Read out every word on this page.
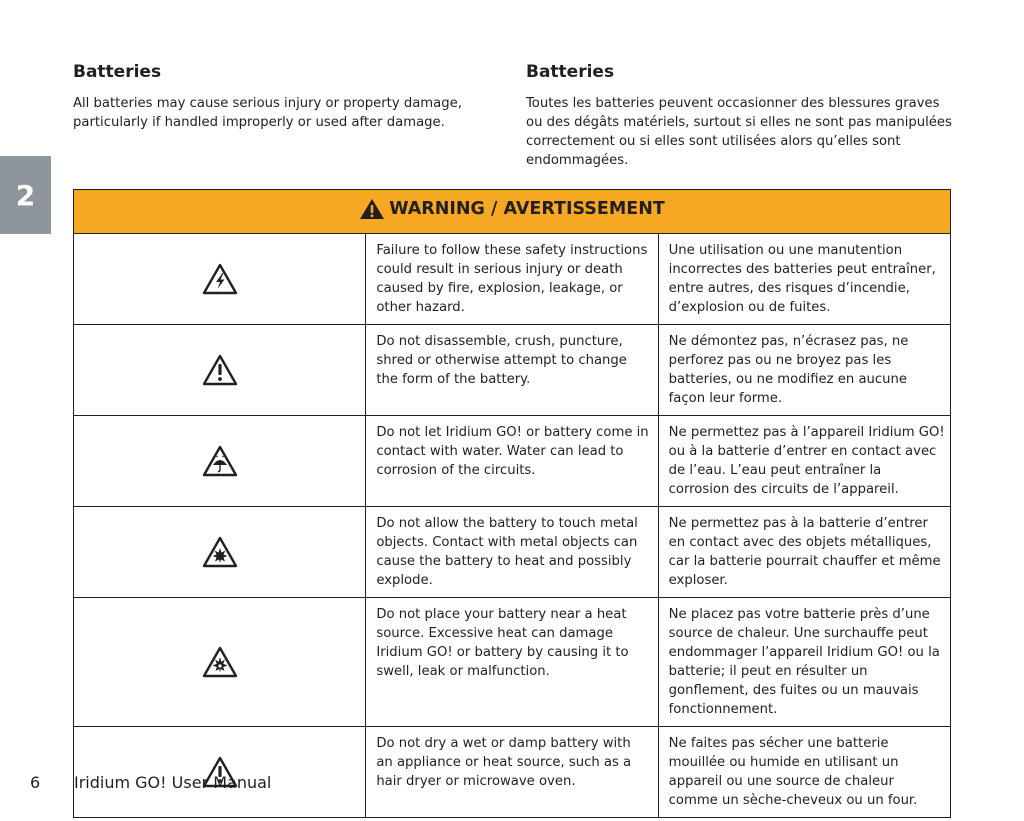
2
Batteries

All batteries may cause serious injury or property damage, particularly if handled improperly or used after damage.

Batteries

Toutes les batteries peuvent occasionner des blessures graves ou des dégâts matériels, surtout si elles ne sont pas manipulées correctement ou si elles sont utilisées alors qu’elles sont endommagées.

WARNING / AVERTISSEMENT		

	Failure to follow these safety instructions could result in serious injury or death caused by fire, explosion, leakage, or other hazard.	Une utilisation ou une manutention incorrectes des batteries peut entraîner, entre autres, des risques d’incendie, d’explosion ou de fuites.
	Do not disassemble, crush, puncture, shred or otherwise attempt to change the form of the battery.	Ne démontez pas, n’écrasez pas, ne perforez pas ou ne broyez pas les batteries, ou ne modifiez en aucune façon leur forme.
	Do not let Iridium GO! or battery come in contact with water. Water can lead to corrosion of the circuits.	Ne permettez pas à l’appareil Iridium GO! ou à la batterie d’entrer en contact avec de l’eau. L’eau peut entraîner la corrosion des circuits de l’appareil.
	Do not allow the battery to touch metal objects. Contact with metal objects can cause the battery to heat and possibly explode.	Ne permettez pas à la batterie d’entrer en contact avec des objets métalliques, car la batterie pourrait chauffer et même exploser.
	Do not place your battery near a heat source. Excessive heat can damage Iridium GO! or battery by causing it to swell, leak or malfunction.	Ne placez pas votre batterie près d’une source de chaleur. Une surchauffe peut endommager l’appareil Iridium GO! ou la batterie; il peut en résulter un gonflement, des fuites ou un mauvais fonctionnement.
	Do not dry a wet or damp battery with an appliance or heat source, such as a hair dryer or microwave oven.	Ne faites pas sécher une batterie mouillée ou humide en utilisant un appareil ou une source de chaleur comme un sèche-cheveux ou un four.
6 Iridium GO! User Manual
